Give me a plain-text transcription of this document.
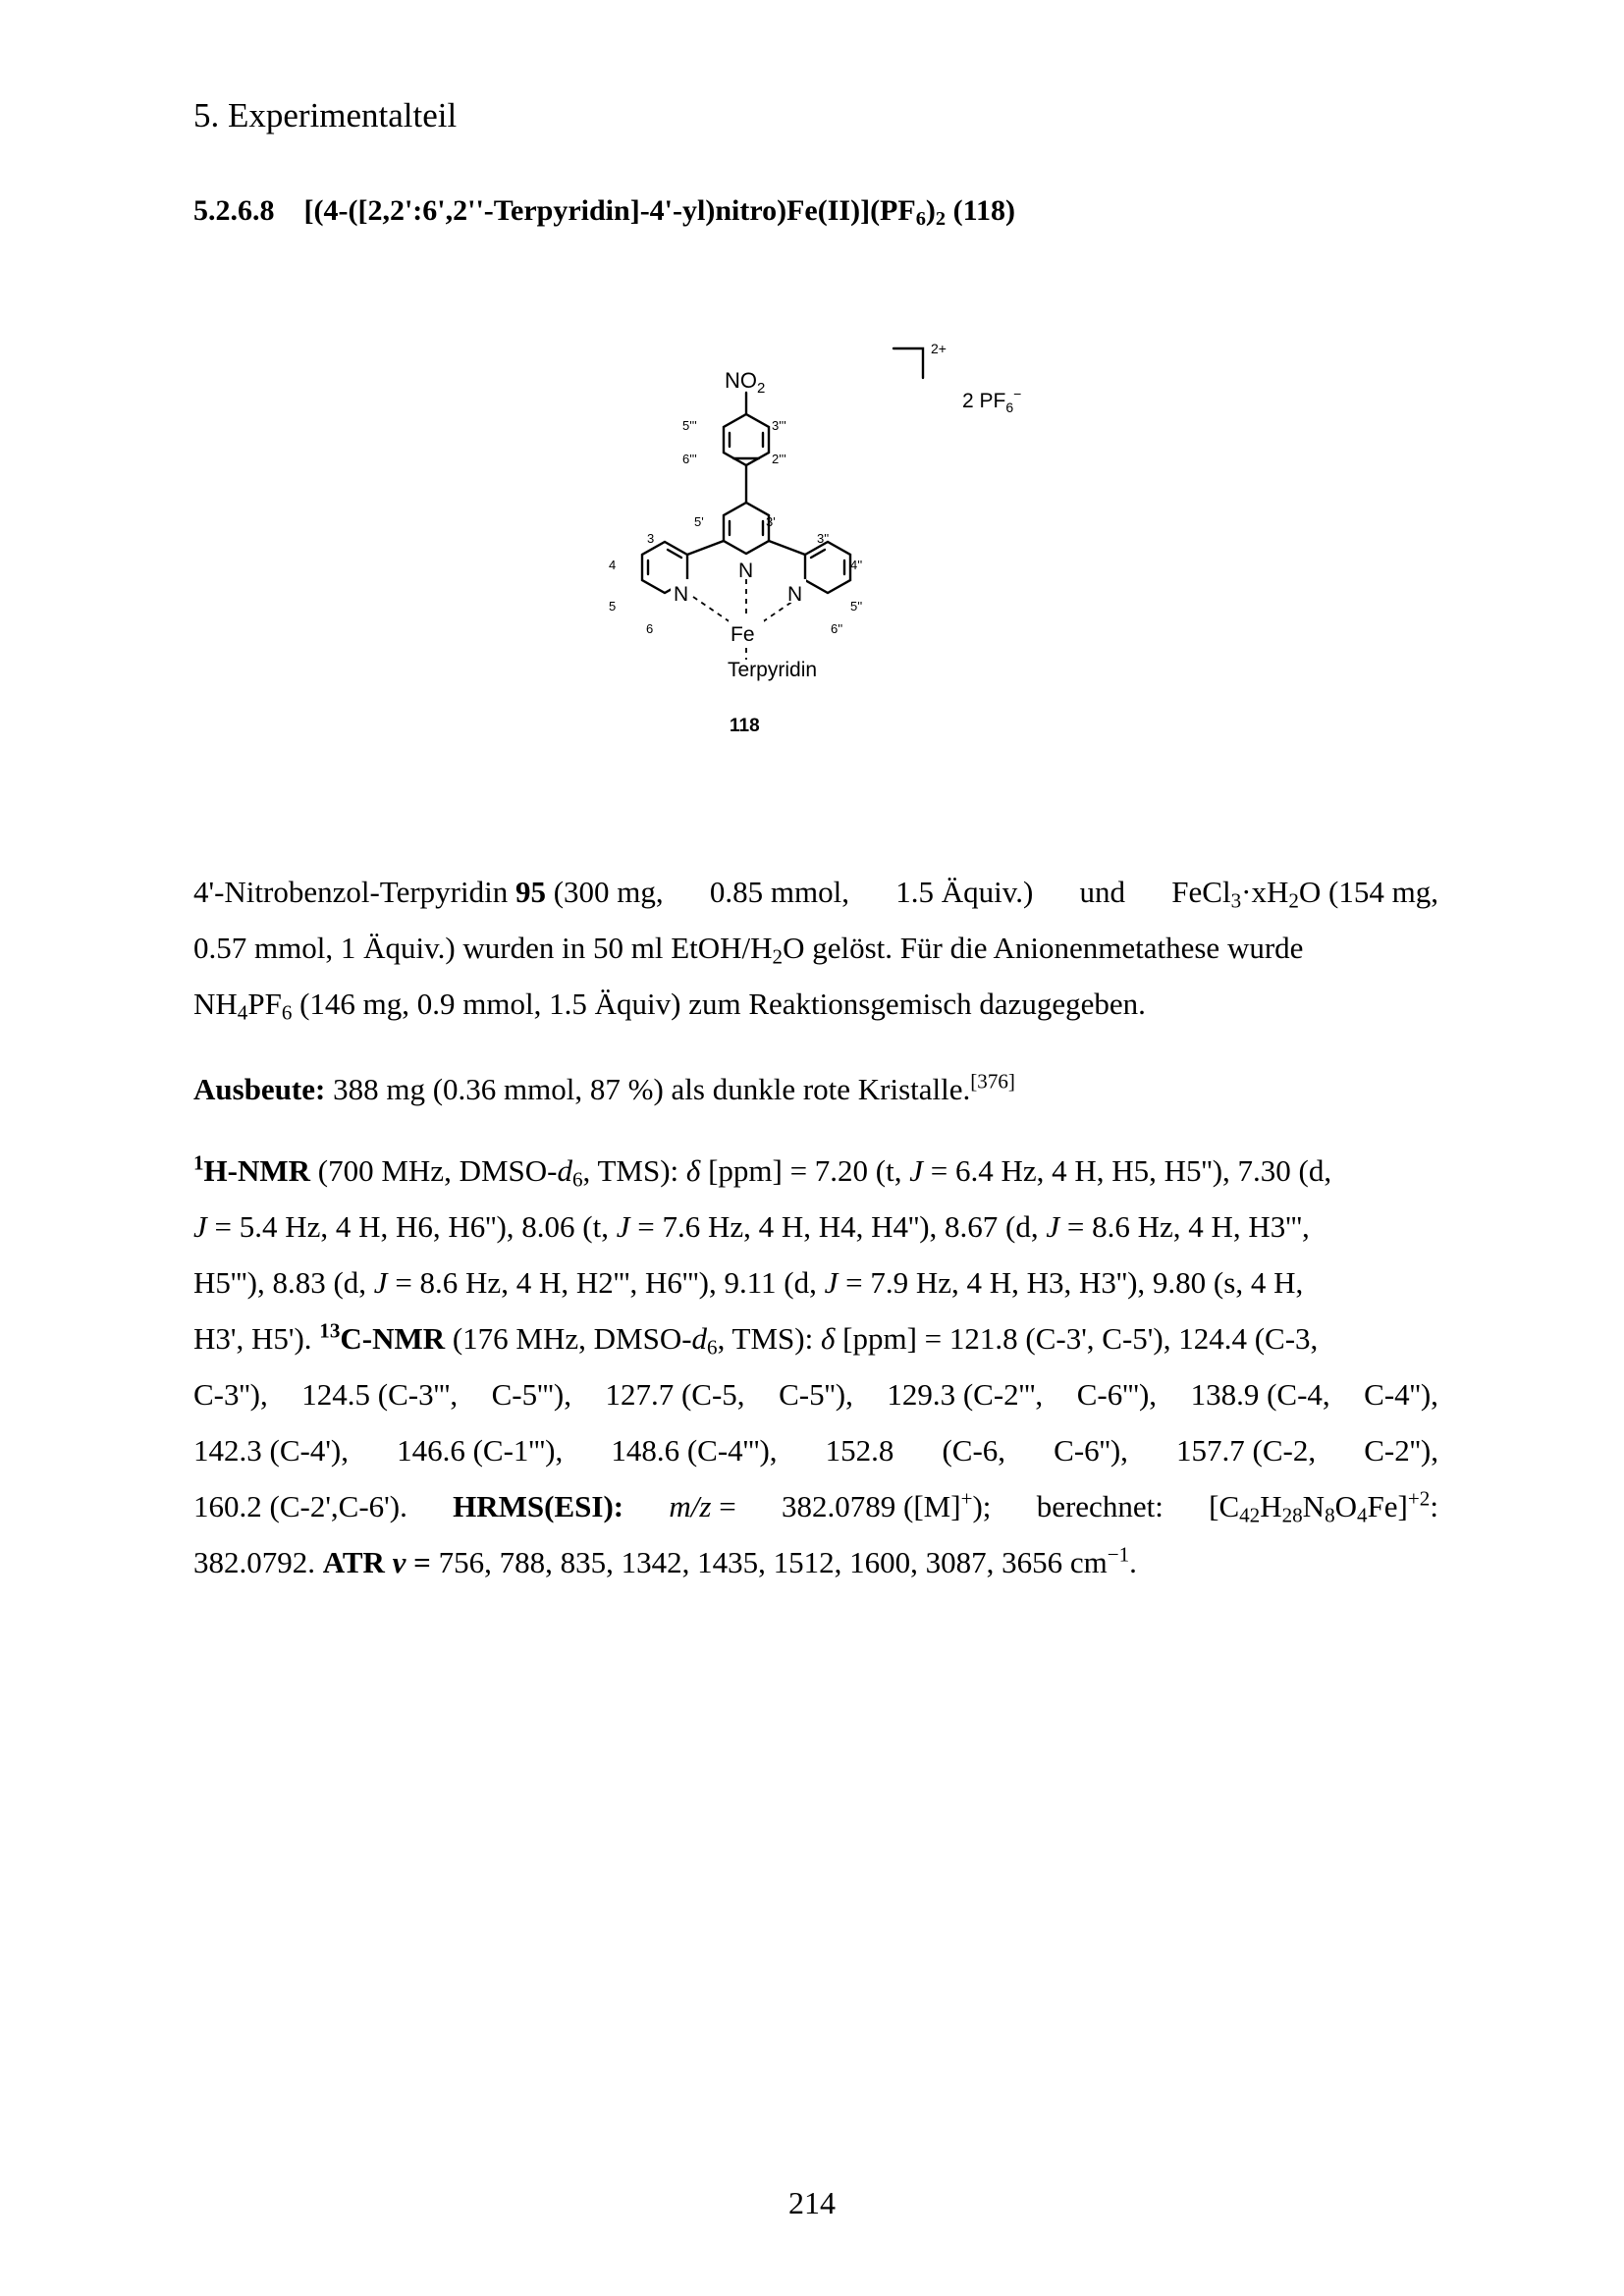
5. Experimentalteil
5.2.6.8 $[(4-([2,2':6',2''-Terpyridin]-4'-yl)nitro)Fe(II)](PF_6)_2$ (118)
$NO_2$
2+
2 $PF_6^-$
5'''	3'''
6'''	2'''
5'	3'
3
4
5
6
3''
4''
5''
6''
N
N
N
Fe
Terpyridin
118
4'-Nitrobenzol-Terpyridin 95 (300 mg, 0.85 mmol, 1.5 Äquiv.) und $FeCl_3\cdot xH_2O$ (154 mg,
0.57 mmol, 1 Äquiv.) wurden in 50 ml EtOH/$H_2O$ gelöst. Für die Anionenmetathese wurde
$NH_4PF_6$ (146 mg, 0.9 mmol, 1.5 Äquiv) zum Reaktionsgemisch dazugegeben.
Ausbeute: 388 mg (0.36 mmol, 87 %) als dunkle rote Kristalle.[376]
$^1$H-NMR (700 MHz, DMSO-$d_6$, TMS): δ [ppm] = 7.20 (t, J = 6.4 Hz, 4 H, H5, H5''), 7.30 (d,
J = 5.4 Hz, 4 H, H6, H6''), 8.06 (t, J = 7.6 Hz, 4 H, H4, H4''), 8.67 (d, J = 8.6 Hz, 4 H, H3''',
H5'''), 8.83 (d, J = 8.6 Hz, 4 H, H2''', H6'''), 9.11 (d, J = 7.9 Hz, 4 H, H3, H3''), 9.80 (s, 4 H,
H3', H5'). $^{13}$C-NMR (176 MHz, DMSO-$d_6$, TMS): δ [ppm] = 121.8 (C-3', C-5'), 124.4 (C-3,
C-3''), 124.5 (C-3''', C-5'''), 127.7 (C-5, C-5''), 129.3 (C-2''', C-6'''), 138.9 (C-4, C-4''),
142.3 (C-4'), 146.6 (C-1'''), 148.6 (C-4'''), 152.8 (C-6, C-6''), 157.7 (C-2, C-2''),
160.2 (C-2',C-6'). HRMS(ESI): m/z = 382.0789 ([M]+); berechnet: $[C_{42}H_{28}N_8O_4Fe]^{+2}$:
382.0792. ATR ν = 756, 788, 835, 1342, 1435, 1512, 1600, 3087, 3656 $cm^{-1}$.
214
